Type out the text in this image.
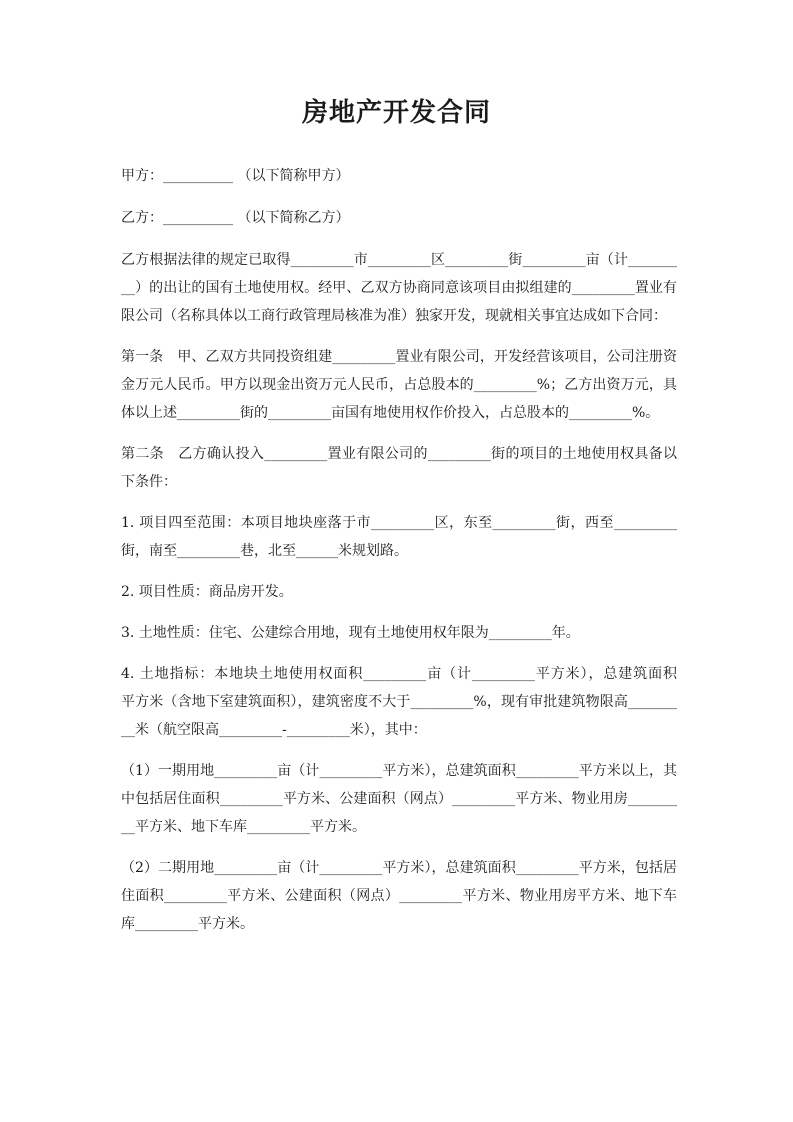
房地产开发合同

甲方：__________ （以下简称甲方）

乙方：__________ （以下简称乙方）

乙方根据法律的规定已取得_________市_________区_________街_________亩（计_________）的出让的国有土地使用权。经甲、乙双方协商同意该项目由拟组建的_________置业有限公司（名称具体以工商行政管理局核准为准）独家开发，现就相关事宜达成如下合同：

第一条　甲、乙双方共同投资组建_________置业有限公司，开发经营该项目，公司注册资金万元人民币。甲方以现金出资万元人民币，占总股本的_________%；乙方出资万元，具体以上述_________街的_________亩国有地使用权作价投入，占总股本的_________%。

第二条　乙方确认投入_________置业有限公司的_________街的项目的土地使用权具备以下条件：

1. 项目四至范围：本项目地块座落于市_________区，东至_________街，西至_________街，南至_________巷，北至______米规划路。

2. 项目性质：商品房开发。

3. 土地性质：住宅、公建综合用地，现有土地使用权年限为_________年。

4. 土地指标：本地块土地使用权面积_________亩（计_________平方米），总建筑面积　平方米（含地下室建筑面积），建筑密度不大于_________%，现有审批建筑物限高_________米（航空限高_________-_________米），其中：

（1）一期用地_________亩（计_________平方米），总建筑面积_________平方米以上，其中包括居住面积_________平方米、公建面积（网点）_________平方米、物业用房_________平方米、地下车库_________平方米。

（2）二期用地_________亩（计_________平方米），总建筑面积_________平方米，包括居住面积_________平方米、公建面积（网点）_________平方米、物业用房平方米、地下车库_________平方米。
